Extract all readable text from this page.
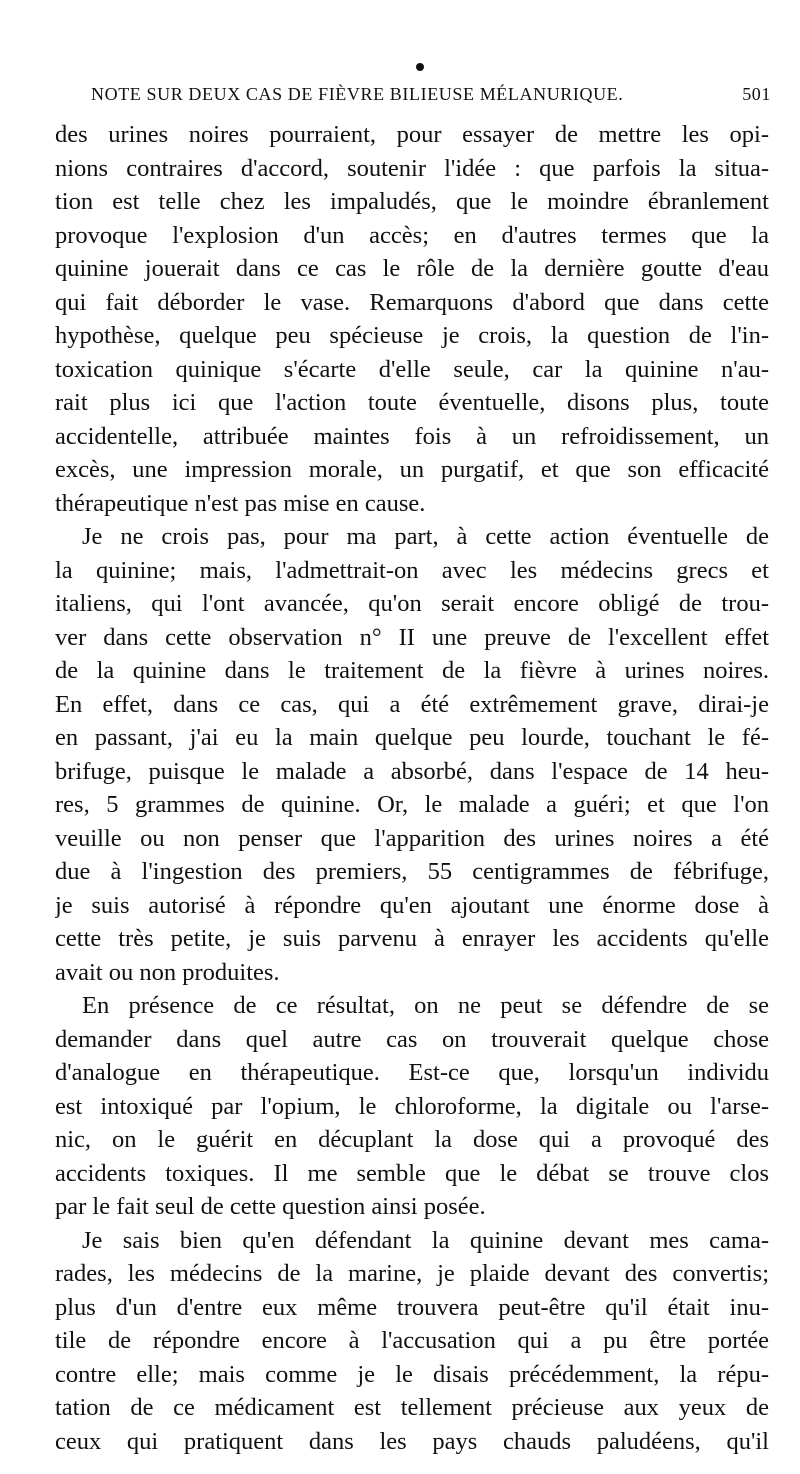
NOTE SUR DEUX CAS DE FIÈVRE BILIEUSE MÉLANURIQUE.	501
des urines noires pourraient, pour essayer de mettre les opi-
nions contraires d'accord, soutenir l'idée : que parfois la situa-
tion est telle chez les impaludés, que le moindre ébranlement
provoque l'explosion d'un accès; en d'autres termes que la
quinine jouerait dans ce cas le rôle de la dernière goutte d'eau
qui fait déborder le vase. Remarquons d'abord que dans cette
hypothèse, quelque peu spécieuse je crois, la question de l'in-
toxication quinique s'écarte d'elle seule, car la quinine n'au-
rait plus ici que l'action toute éventuelle, disons plus, toute
accidentelle, attribuée maintes fois à un refroidissement, un
excès, une impression morale, un purgatif, et que son efficacité
thérapeutique n'est pas mise en cause.
Je ne crois pas, pour ma part, à cette action éventuelle de
la quinine; mais, l'admettrait-on avec les médecins grecs et
italiens, qui l'ont avancée, qu'on serait encore obligé de trou-
ver dans cette observation n° II une preuve de l'excellent effet
de la quinine dans le traitement de la fièvre à urines noires.
En effet, dans ce cas, qui a été extrêmement grave, dirai-je
en passant, j'ai eu la main quelque peu lourde, touchant le fé-
brifuge, puisque le malade a absorbé, dans l'espace de 14 heu-
res, 5 grammes de quinine. Or, le malade a guéri; et que l'on
veuille ou non penser que l'apparition des urines noires a été
due à l'ingestion des premiers, 55 centigrammes de fébrifuge,
je suis autorisé à répondre qu'en ajoutant une énorme dose à
cette très petite, je suis parvenu à enrayer les accidents qu'elle
avait ou non produites.
En présence de ce résultat, on ne peut se défendre de se
demander dans quel autre cas on trouverait quelque chose
d'analogue en thérapeutique. Est-ce que, lorsqu'un individu
est intoxiqué par l'opium, le chloroforme, la digitale ou l'arse-
nic, on le guérit en décuplant la dose qui a provoqué des
accidents toxiques. Il me semble que le débat se trouve clos
par le fait seul de cette question ainsi posée.
Je sais bien qu'en défendant la quinine devant mes cama-
rades, les médecins de la marine, je plaide devant des convertis;
plus d'un d'entre eux même trouvera peut-être qu'il était inu-
tile de répondre encore à l'accusation qui a pu être portée
contre elle; mais comme je le disais précédemment, la répu-
tation de ce médicament est tellement précieuse aux yeux de
ceux qui pratiquent dans les pays chauds paludéens, qu'il
